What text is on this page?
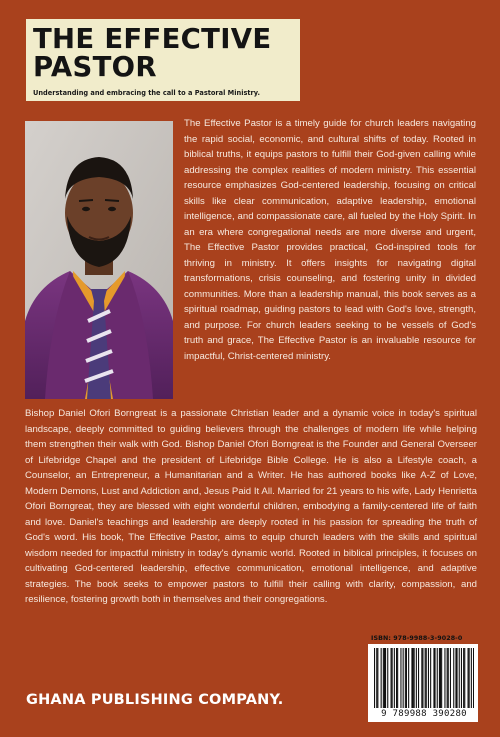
THE EFFECTIVE
PASTOR
Understanding and embracing the call to a Pastoral Ministry.

The Effective Pastor is a timely guide for church leaders navigating the rapid social, economic, and cultural shifts of today. Rooted in biblical truths, it equips pastors to fulfill their God-given calling while addressing the complex realities of modern ministry. This essential resource emphasizes God-centered leadership, focusing on critical skills like clear communication, adaptive leadership, emotional intelligence, and compassionate care, all fueled by the Holy Spirit. In an era where congregational needs are more diverse and urgent, The Effective Pastor provides practical, God-inspired tools for thriving in ministry. It offers insights for navigating digital transformations, crisis counseling, and fostering unity in divided communities. More than a leadership manual, this book serves as a spiritual roadmap, guiding pastors to lead with God's love, strength, and purpose. For church leaders seeking to be vessels of God's truth and grace, The Effective Pastor is an invaluable resource for impactful, Christ-centered ministry.

Bishop Daniel Ofori Borngreat is a passionate Christian leader and a dynamic voice in today's spiritual landscape, deeply committed to guiding believers through the challenges of modern life while helping them strengthen their walk with God. Bishop Daniel Ofori Borngreat is the Founder and General Overseer of Lifebridge Chapel and the president of Lifebridge Bible College. He is also a Lifestyle coach, a Counselor, an Entrepreneur, a Humanitarian and a Writer. He has authored books like A-Z of Love, Modern Demons, Lust and Addiction and, Jesus Paid It All. Married for 21 years to his wife, Lady Henrietta Ofori Borngreat, they are blessed with eight wonderful children, embodying a family-centered life of faith and love. Daniel's teachings and leadership are deeply rooted in his passion for spreading the truth of God's word. His book, The Effective Pastor, aims to equip church leaders with the skills and spiritual wisdom needed for impactful ministry in today's dynamic world. Rooted in biblical principles, it focuses on cultivating God-centered leadership, effective communication, emotional intelligence, and adaptive strategies. The book seeks to empower pastors to fulfill their calling with clarity, compassion, and resilience, fostering growth both in themselves and their congregations.

ISBN: 978-9988-3-9028-0
9 789988 390280
GHANA PUBLISHING COMPANY.
